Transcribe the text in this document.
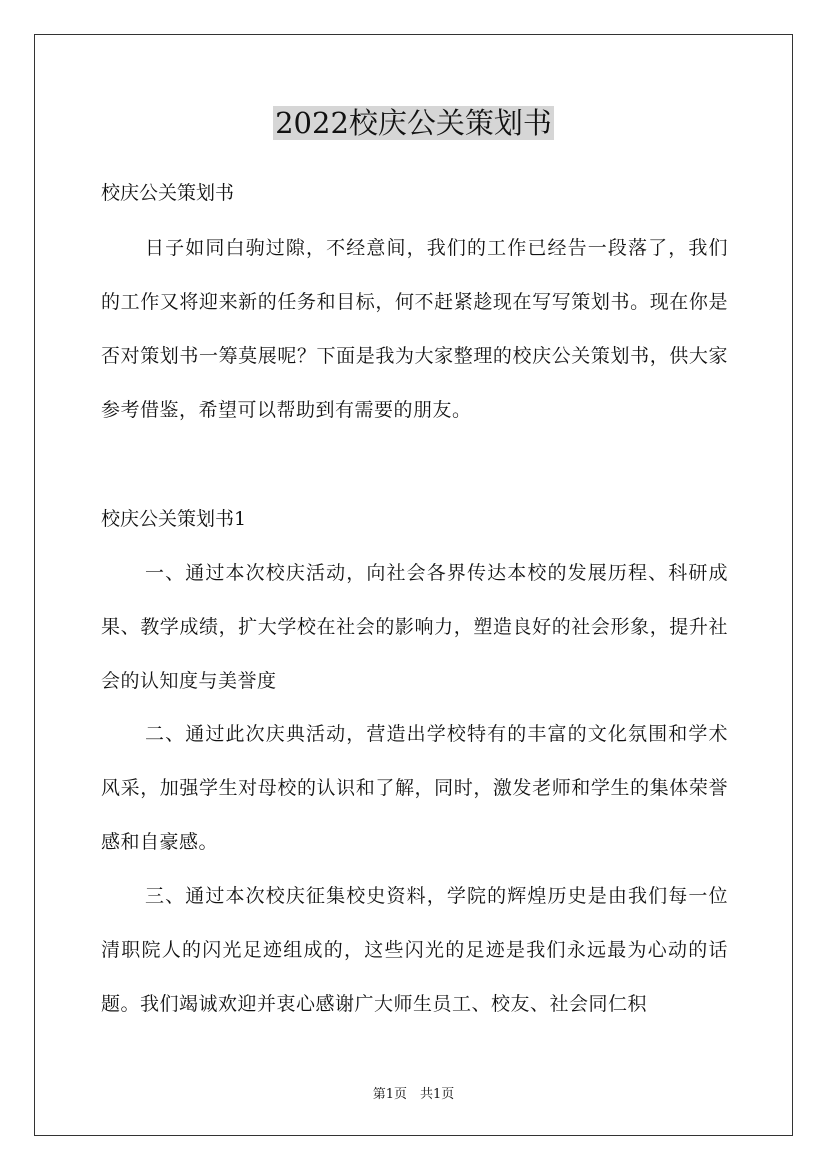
2022校庆公关策划书

校庆公关策划书

日子如同白驹过隙，不经意间，我们的工作已经告一段落了，我们的工作又将迎来新的任务和目标，何不赶紧趁现在写写策划书。现在你是否对策划书一筹莫展呢？下面是我为大家整理的校庆公关策划书，供大家参考借鉴，希望可以帮助到有需要的朋友。

校庆公关策划书1

一、通过本次校庆活动，向社会各界传达本校的发展历程、科研成果、教学成绩，扩大学校在社会的影响力，塑造良好的社会形象，提升社会的认知度与美誉度

二、通过此次庆典活动，营造出学校特有的丰富的文化氛围和学术风采，加强学生对母校的认识和了解，同时，激发老师和学生的集体荣誉感和自豪感。

三、通过本次校庆征集校史资料，学院的辉煌历史是由我们每一位清职院人的闪光足迹组成的，这些闪光的足迹是我们永远最为心动的话题。我们竭诚欢迎并衷心感谢广大师生员工、校友、社会同仁积

第1页　共1页
